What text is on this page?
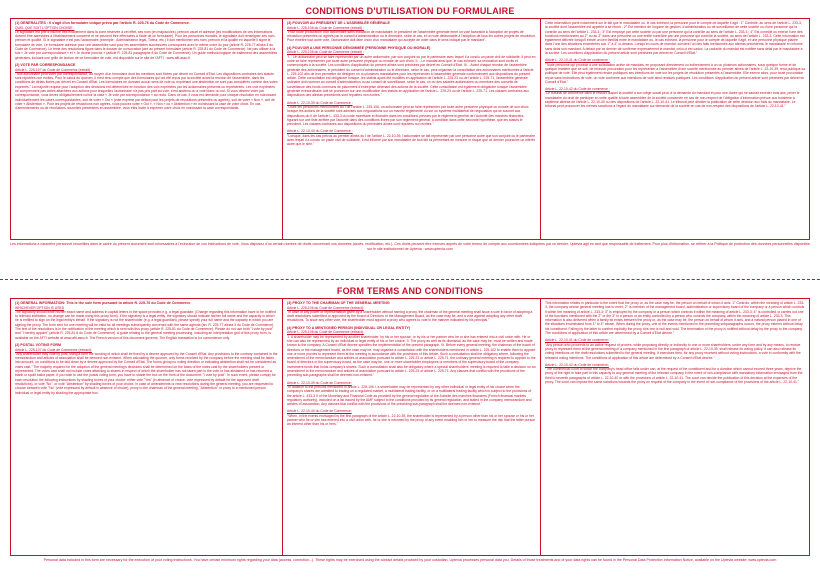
CONDITIONS D'UTILISATION DU FORMULAIRE
(1) GENERALITES : Il s'agit d'un formulaire unique prévu par l'article R. 225-76 du Code de Commerce.
QUEL QUE SOIT L'OPTION CHOISIE :
Le signataire est prié d'inscrire très exactement dans la zone réservée à cet effet, ses nom (en majuscules), prénom usuel et adresse (les modifications de ces informations doivent être adressées à l'établissement concerné et ne peuvent être effectuées à l'aide de ce formulaire). Pour les personnes morales, le signataire doit renseigner ses nom, prénom et qualité. Si le signataire n'est pas l'actionnaire (exemple : Administrateur légal, Tuteur, etc.) il doit mentionner ses nom, prénom et la qualité en laquelle il signe le formulaire de vote. Le formulaire adressé pour une assemblée vaut pour les assemblées successives convoquées avec le même ordre du jour (article R. 225-77 alinéa 3 du Code de Commerce). Le texte des résolutions figure dans le dossier de convocation joint au présent formulaire (article R. 225-81 du Code de Commerce). Ne pas utiliser à la fois « Je vote par correspondance » et « Je donne pouvoir » (article R. 225-81 paragraphe 8 du Code de Commerce). Un guide méthodologique de traitement des assemblées générales, incluant une grille de lecture de ce formulaire de vote, est disponible sur le site de l'AFTI : www.afti.asso.fr
(2) VOTE PAR CORRESPONDANCE
Article L. 225-107 du Code de Commerce (extrait) :
"Tout actionnaire peut voter par correspondance, au moyen d'un formulaire dont les mentions sont fixées par décret en Conseil d'Etat. Les dispositions contraires des statuts sont réputées non écrites. Pour le calcul du quorum, il n'est tenu compte que des formulaires qui ont été reçus par la société avant la réunion de l'assemblée, dans les conditions de délais fixées par décret en Conseil d'Etat. Les formulaires ne donnant aucun sens de vote ou exprimant une abstention ne sont pas considérés comme des votes exprimés." La majorité requise pour l'adoption des décisions est déterminée en fonction des voix exprimées par les actionnaires présents ou représentés. Les voix exprimées ne comprennent pas celles attachées aux actions pour lesquelles l'actionnaire n'a pas pris part au vote, s'est abstenu ou a voté blanc ou nul. Si vous désirez voter par correspondance, vous devez obligatoirement noircir la case « Je vote par correspondance » au recto. Dans ce cas, il vous est demandé pour chaque résolution en noircissant individuellement les cases correspondantes, soit de voter « Oui » (vote exprimé par défaut pour les projets de résolutions présentés ou agréés), soit de voter « Non », soit de voter « Abstention ». Pour les projets de résolutions non agréés, vous pouvez voter « Oui », « Non » ou « Abstention » en noircissant la case de votre choix. En cas d'amendements ou de résolutions nouvelles présentées en assemblée, vous êtes invité à exprimer votre choix en noircissant la case correspondante.
(3) POUVOIR AU PRÉSIDENT DE L'ASSEMBLÉE GÉNÉRALE
Article L. 225-106 du Code de Commerce (extrait) :
"Pour toute procuration d'un actionnaire sans indication de mandataire, le président de l'assemblée générale émet un vote favorable à l'adoption de projets de résolution présentés ou agréés par le conseil d'administration ou le directoire, selon le cas, et un vote défavorable à l'adoption de tous les autres projets de résolution. Pour émettre tout autre vote, l'actionnaire doit faire choix d'un mandataire qui accepte de voter dans le sens indiqué par le mandant".
(4) POUVOIR A UNE PERSONNE DÉNOMMÉE (PERSONNE PHYSIQUE OU MORALE)
Article L. 225-106 du Code de Commerce (extrait) :
"I. - Un actionnaire peut se faire représenter par un autre actionnaire, par son conjoint ou par le partenaire avec lequel il a conclu un pacte civil de solidarité. Il peut en outre se faire représenter par toute autre personne physique ou morale de son choix. II. - Le mandat ainsi que, le cas échéant, sa révocation sont écrits et communiqués à la société. Les conditions d'application du présent alinéa sont précisées par décret en Conseil d'Etat. III. - Avant chaque réunion de l'assemblée générale des actionnaires, le président du conseil d'administration ou le directoire, selon le cas, peut organiser la consultation des actionnaires mentionnés à l'article L. 225-102 afin de leur permettre de désigner un ou plusieurs mandataires pour les représenter à l'assemblée générale conformément aux dispositions du présent article. Cette consultation est obligatoire lorsque, les statuts ayant été modifiés en application de l'article L. 225-23 ou de l'article L. 225-71, l'assemblée générale ordinaire doit nommer au conseil d'administration ou au conseil de surveillance, selon le cas, un ou des salariés actionnaires ou membres des conseils de surveillance des fonds communs de placement d'entreprise détenant des actions de la société. Cette consultation est également obligatoire lorsque l'assemblée générale extraordinaire doit se prononcer sur une modification des statuts en application de l'article L. 225-23 ou de l'article L. 225-71. Les clauses contraires aux dispositions des alinéas précédents sont réputées non écrites."
Article L. 22-10-39 du Code de Commerce :
"Outre les personnes mentionnées au I de l'article L. 225-106, un actionnaire peut se faire représenter par toute autre personne physique ou morale de son choix lorsque les actions de la société sont admises aux négociations sur un marché réglementé ou sur un système multilatéral de négociation qui se soumet aux dispositions du II de l'article L. 433-3 du code monétaire et financier dans les conditions prévues par le règlement général de l'Autorité des marchés financiers, figurant sur une liste arrêtée par l'autorité dans des conditions fixées par son règlement général, à condition dans cette seconde hypothèse, que les statuts le prévoient. Les clauses contraires aux dispositions du précédent alinéa sont réputées non écrites."
Article L. 22-10-40 du Code de Commerce :
"Lorsque, dans les cas prévus au premier alinéa du I de l'article L. 22-10-39, l'actionnaire se fait représenter par une personne autre que son conjoint ou le partenaire avec lequel il a conclu un pacte civil de solidarité, il est informé par son mandataire de tout fait lui permettant de mesurer le risque que ce dernier poursuive un intérêt autre que le sien."
Cette information porte notamment sur le fait que le mandataire ou, le cas échéant, la personne pour le compte de laquelle il agit : 1° Contrôle, au sens de l'article L. 233-3, la société dont l'assemblée est appelée à se réunir ; 2° Est membre de l'organe de gestion, d'administration ou de surveillance de cette société ou d'une personne qui la contrôle au sens de l'article L. 233-3 ; 3° Est employé par cette société ou par une personne qui la contrôle au sens de l'article L. 233-3 ; 4° Est contrôlé ou exerce l'une des fonctions mentionnées au 2° ou au 3° dans une personne ou une entité contrôlée par une personne qui contrôle la société, au sens de l'article L. 233-3. Cette information est également délivrée lorsqu'il existe un lien familial entre le mandataire ou, le cas échéant, la personne pour le compte de laquelle il agit, et une personne physique placée dans l'une des situations énumérées aux 1° à 4° ci-dessus. Lorsqu'en cours de mandat, survient l'un des faits mentionnés aux alinéas précédents, le mandataire en informe sans délai son mandant. A défaut par ce dernier de confirmer expressément le mandat, celui-ci est caduc. La caducité du mandat est notifiée sans délai par le mandataire à la société. Les conditions d'application du présent article sont précisées par décret en Conseil d'Etat."
Article L. 22-10-41 du Code de commerce :
"Toute personne qui procède à une sollicitation active de mandats, en proposant directement ou indirectement à un ou plusieurs actionnaires, sous quelque forme et de quelque manière que ce soit, de recevoir procuration pour les représenter à l'assemblée d'une société mentionnée au premier alinéa de l'article L. 22-10-39, rend publique sa politique de vote. Elle peut également rendre publiques ses intentions de vote sur les projets de résolution présentés à l'assemblée. Elle exerce alors, pour toute procuration reçue sans instructions de vote, un vote conforme aux intentions de vote ainsi rendues publiques. Les conditions d'application du présent article sont précisées par décret en Conseil d'Etat."
Article L. 22-10-42 du Code de commerce :
"Le tribunal de commerce dans le ressort duquel la société a son siège social peut, à la demande du mandant et pour une durée qui ne saurait excéder trois ans, priver le mandataire du droit de participer en cette qualité à toute assemblée de la société concernée en cas de non-respect de l'obligation d'information prévue aux troisième à septième alinéas de l'article L. 22-10-40 ou des dispositions de l'article L. 22-10-41. Le tribunal peut décider la publication de cette décision aux frais du mandataire. Le tribunal peut prononcer les mêmes sanctions à l'égard du mandataire sur demande de la société en cas de non-respect des dispositions de l'article L. 22-10-41."
Les informations à caractère personnel recueillies dans le cadre du présent document sont nécessaires à l'exécution de vos instructions de vote. Vous disposez d'un certain nombre de droits concernant vos données (accès, rectification, etc.). Ces droits peuvent être exercés auprès de votre teneur de compte aux coordonnées indiquées par ce dernier. Uptevia agit en tant que responsable de traitement. Pour plus d'information, se référer à la Politique de protection des données personnelles disponible sur le site institutionnel de Uptevia : www.uptevia.com
FORM TERMS AND CONDITIONS
(1) GENERAL INFORMATION: This is the sole form pursuant to article R. 225-76 du Code de Commerce
WHICHEVER OPTION IS USED
The signatory should write his/her exact name and address in capital letters in the space provided e.g. a legal guardian: (Change regarding this information have to be notified to relevant institution, no change can be made using this proxy form). If the signatory is a legal entity, the signatory should indicate his/her full name and the capacity in which he is entitled to sign on the legal entity's behalf. If the signatory is not the shareholder (e.g. a legal guardian), please specify your full name and the capacity in which you are signing the proxy. The form sent for one meeting will be valid for all meetings subsequently convened with the same agenda (art. R. 225-77 alinéa 3 du Code de Commerce). The text of the resolutions is in the notification of the meeting which is sent with this proxy (article R. 225-81 du Code de Commerce). Please do not use both "I vote by post" and "I hereby appoint" (article R. 225-81 8 du Code de Commerce). A guide relating to the general meeting processing, including an interpretation grid of this proxy form, is available on the AFTI website at www.afti.asso.fr. The French version of this document governs; The English translation is for convenience only.
(2) POSTAL VOTING FORM
Article L. 225-107 du Code de Commerce (extract):
"Any shareholder may vote by post, using a form the wording of which shall be fixed by a decree approved by the Conseil d'Etat. Any provisions to the contrary contained in the memorandum and articles of association shall be deemed non-existent. When calculating the quorum, only forms received by the company before the meeting shall be taken into account, on conditions to be laid down by a decree approved by the Conseil d'Etat. The forms giving no voting direction or indicating abstention shall not be considered as votes cast." The majority required for the adoption of the general meeting's decisions shall be determined on the basis of the votes cast by the shareholders present or represented. The votes cast shall not include votes attaching to shares in respect of which the shareholder has not taken part in the vote or has abstained or has returned a blank or spoilt ballot paper. If you wish to use the postal voting form, you have to shade the box on the front of the document: "I vote by post". In such event, please comply for each resolution the following instructions by shading boxes of your choice: either vote "Yes" (in absence of choice, vote expressed by default for the approved draft resolutions), or vote "No", or vote "Abstention" by shading boxes of your choice. In case of amendments or new resolutions during the general meeting, you are requested to choose between vote "No" (vote expressed by default in absence of choice), proxy to the chairman of the general meeting, "Abstention" or proxy to a mentioned person individual or legal entity by shading the appropriate box.
(3) PROXY TO THE CHAIRMAN OF THE GENERAL MEETING
Article L. 225-106 du Code de Commerce (extract):
"In case of any power of representation given by a shareholder without naming a proxy, the chairman of the general meeting shall issue a vote in favor of adopting a draft resolutions submitted or approved by the board of Directors or the Management Board, as the case may be, and a vote against adopting any other draft resolutions. To issue any other vote, the shareholder must appoint a proxy who agrees to vote in the manner indicated by his principal."
(4) PROXY TO A MENTIONED PERSON (INDIVIDUAL OR LEGAL ENTITY)
Article L. 225-106 du Code de Commerce (extract):
"I. A shareholder may be represented by another shareholder, by his or her spouse, or by his or her partner who he or she has entered into a civil union with. He or she can also be represented by an individual or legal entity of his or her choice. II. The proxy as well as its dismissal, as the case may be, must be written and made known to the company. A Conseil d'Etat decree specifies the implementation of the present paragraph. III. Before every general meeting, the chairman of the board of directors or the management board, as the case may be, may organise a consultation with the shareholders mentioned in article L. 225-102 to enable them to appoint one or more proxies to represent them at the meeting in accordance with the provisions of this Article. Such a consultation shall be obligatory where, following the amendment of the memorandum and articles of association pursuant to article L. 225-23 or article L. 225-71, the ordinary general meeting is required to appoint to the board of directors or the supervisory board, as the case may be, one or more shareholder employees or members of the supervisory board of the company investment funds that holds company's shares. Such a consultation shall also be obligatory where a special shareholders' meeting is required to take a decision on an amendment to the memorandum and articles of association pursuant to article L. 225-23 or article L. 225-71. Any clauses that conflict with the provisions of the preceding sub-paragraphs shall be deemed non-existent."
Article L. 22-10-39 du Code de Commerce:
"In addition to the persons mentioned in article L. 225-106 I, a shareholder may be represented by any other individual or legal entity of his choice when the company's shares are admitted to trading on a regulated market, a multilateral trading facility, or on a multilateral trading facility which is subject to the provisions of the article L. 433-3 II of the Monetary and Financial Code as provided by the general regulation of the Autorité des marchés financiers (French financial markets regulatory authority), included on a list issued by the AMF subject to the conditions provided by its general regulation, and stated in the company memorandum and articles of association. Any clauses that conflict with the provisions of the preceding sub-paragraph shall be deemed non-existent."
Article L. 22-10-40 du Code de Commerce:
"When, in the events envisaged by the first paragraph of the article L. 22-10-39, the shareholder is represented by a person other than his or her spouse or his or her partner who he or she has entered into a civil union with, he or she is informed by the proxy of any event enabling him or her to measure the risk that the latter pursue an interest other than his or hers."
This information relates in particular to the event that the proxy or, as the case may be, the person on behalf of whom it acts: 1° Controls, within the meaning of article L. 233-3, the company whose general meeting has to meet; 2° Is member of the management board, administration or supervisory board of the company or a person which controls it within the meaning of article L. 233-3; 3° Is employed by the company or a person which controls it within the meaning of article L. 233-3; 4° Is controlled or carries out one of the functions mentioned with the 2° or the 3° in a person or an entity controlled by a person who controls the company, within the meaning of article L. 233-3. This information is also delivered when a family tie exists between the proxy or, as the case may be, the person on behalf of whom it acts, and a natural person placed in one of the situations enumerated from 1° to 4° above. When during the proxy, one of the events mentioned in the preceding subparagraphs occurs, the proxy informs without delay his constituent. Failing by the latter to confirm explicitly the proxy, this one is null and void. The termination of the proxy is notified without delay by the proxy to the company. The conditions of application of this article are determined by a Conseil d'Etat decree."
Article L. 22-10-41 du Code de commerce:
"Any person who proceeds to an active request of proxies, while proposing directly or indirectly to one or more shareholders, under any form and by any means, to receive proxy to represent them at the general meeting of a company mentioned in the first paragraph of article L. 22-10-39, shall release its voting policy. It can also release its voting intentions on the draft resolutions submitted to the general meeting. It exercises then, for any proxy received without voting instructions, a vote in conformity with the released voting intentions. The conditions of application of this article are determined by a Conseil d'Etat decree."
Article L. 22-10-42 du Code de commerce:
"The commercial court of which the company's head office falls under can, at the request of the constituent and for a duration which cannot exceed three years, deprive the proxy of the right to take part in this capacity to any general meeting of the relevant company in the event of non-compliance with mandatory information envisaged from the third to seventh paragraphs of article L. 22-10-40 or with the provisions of article L. 22-10-41. The court can decide the publication of this decision at the expenses of the proxy. The court can impose the same sanctions towards the proxy on request of the company in the event of non-compliance of the provisions of the article L. 22-10-41."
Personal data included in this form are necessary for the execution of your voting instructions. You have certain minimum rights regarding your data (access, correction...). These rights may be exercised using the contact details provided by your custodian. Uptevia processes personal data you. Details of those treatments and of your data rights can be found in the Personal Data Protection Information Notice, available on the Uptevia website: www.uptevia.com
